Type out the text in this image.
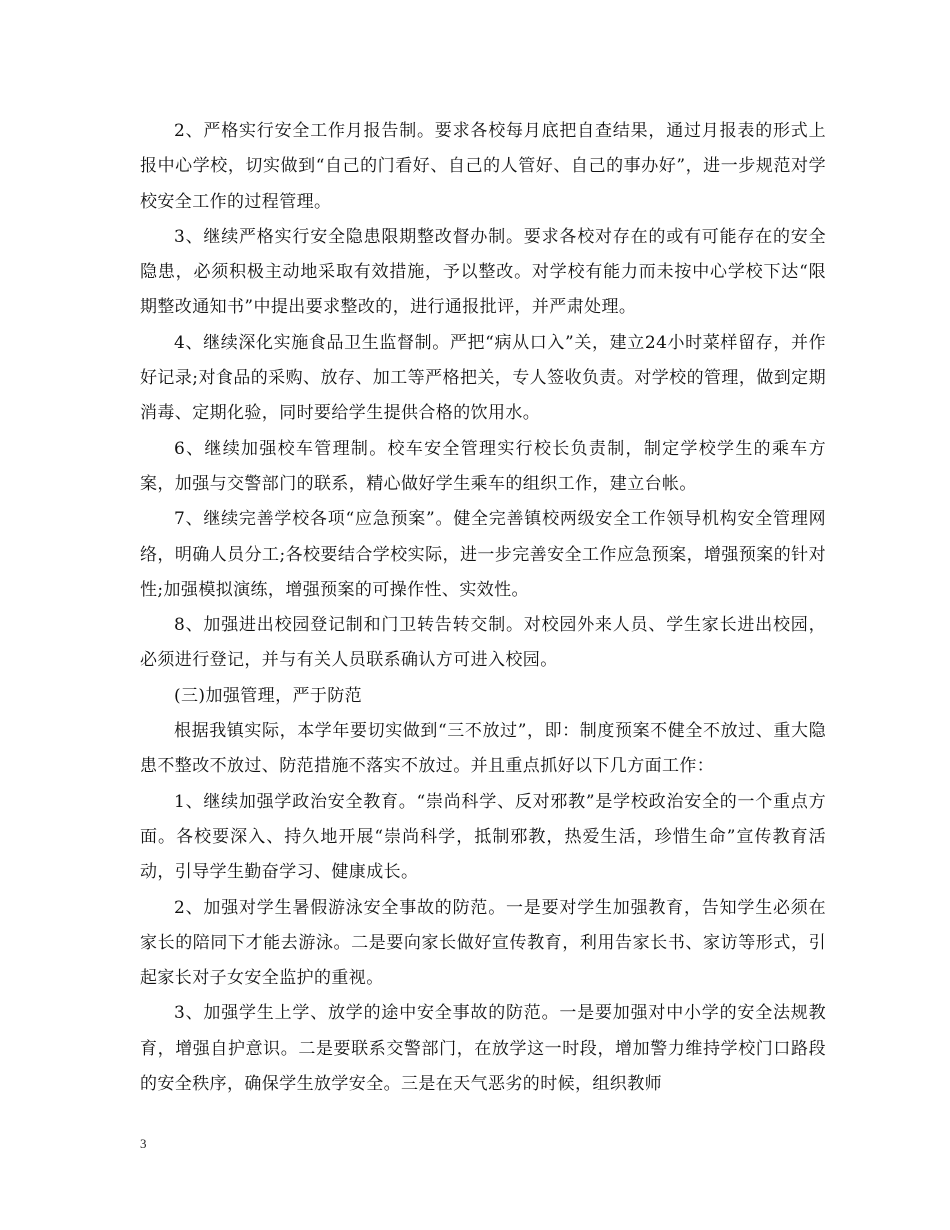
2、严格实行安全工作月报告制。要求各校每月底把自查结果，通过月报表的形式上报中心学校，切实做到“自己的门看好、自己的人管好、自己的事办好”，进一步规范对学校安全工作的过程管理。

3、继续严格实行安全隐患限期整改督办制。要求各校对存在的或有可能存在的安全隐患，必须积极主动地采取有效措施，予以整改。对学校有能力而未按中心学校下达“限期整改通知书”中提出要求整改的，进行通报批评，并严肃处理。

4、继续深化实施食品卫生监督制。严把“病从口入”关，建立24小时菜样留存，并作好记录;对食品的采购、放存、加工等严格把关，专人签收负责。对学校的管理，做到定期消毒、定期化验，同时要给学生提供合格的饮用水。

6、继续加强校车管理制。校车安全管理实行校长负责制，制定学校学生的乘车方案，加强与交警部门的联系，精心做好学生乘车的组织工作，建立台帐。

7、继续完善学校各项“应急预案”。健全完善镇校两级安全工作领导机构安全管理网络，明确人员分工;各校要结合学校实际，进一步完善安全工作应急预案，增强预案的针对性;加强模拟演练，增强预案的可操作性、实效性。

8、加强进出校园登记制和门卫转告转交制。对校园外来人员、学生家长进出校园，必须进行登记，并与有关人员联系确认方可进入校园。

(三)加强管理，严于防范

根据我镇实际，本学年要切实做到“三不放过”，即：制度预案不健全不放过、重大隐患不整改不放过、防范措施不落实不放过。并且重点抓好以下几方面工作：

1、继续加强学政治安全教育。“崇尚科学、反对邪教”是学校政治安全的一个重点方面。各校要深入、持久地开展“崇尚科学，抵制邪教，热爱生活，珍惜生命”宣传教育活动，引导学生勤奋学习、健康成长。

2、加强对学生暑假游泳安全事故的防范。一是要对学生加强教育，告知学生必须在家长的陪同下才能去游泳。二是要向家长做好宣传教育，利用告家长书、家访等形式，引起家长对子女安全监护的重视。

3、加强学生上学、放学的途中安全事故的防范。一是要加强对中小学的安全法规教育，增强自护意识。二是要联系交警部门，在放学这一时段，增加警力维持学校门口路段的安全秩序，确保学生放学安全。三是在天气恶劣的时候，组织教师

3
